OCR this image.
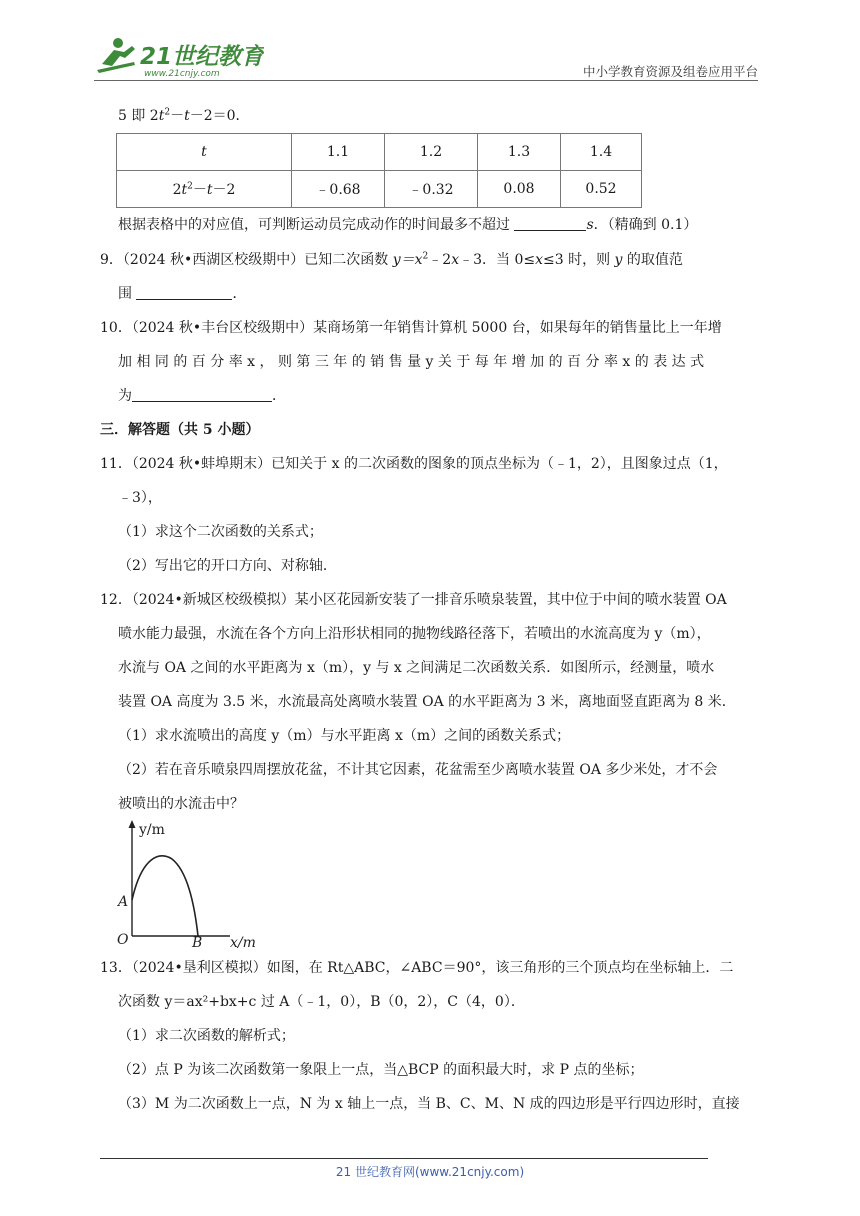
21世纪教育
www.21cnjy.com	中小学教育资源及组卷应用平台
5 即 $2t^2-t-2=0$．
t	1.1	1.2	1.3	1.4
$2t^2-t-2$	﹣0.68	﹣0.32	0.08	0.52
根据表格中的对应值，可判断运动员完成动作的时间最多不超过	s．（精确到 0.1）
9．（2024 秋•西湖区校级期中）已知二次函数 $y=x^2﹣2x﹣3$．当 0≤x≤3 时，则 y 的取值范
围	．
10．（2024 秋•丰台区校级期中）某商场第一年销售计算机 5000 台，如果每年的销售量比上一年增
加 相 同 的 百 分 率 x ， 则 第 三 年 的 销 售 量 y 关 于 每 年 增 加 的 百 分 率 x 的 表 达 式
为	．
三．解答题（共 5 小题）
11．（2024 秋•蚌埠期末）已知关于 x 的二次函数的图象的顶点坐标为（﹣1，2），且图象过点（1，
﹣3），
（1）求这个二次函数的关系式；
（2）写出它的开口方向、对称轴．
12．（2024•新城区校级模拟）某小区花园新安装了一排音乐喷泉装置，其中位于中间的喷水装置 OA
喷水能力最强，水流在各个方向上沿形状相同的抛物线路径落下，若喷出的水流高度为 y（m），
水流与 OA 之间的水平距离为 x（m），y 与 x 之间满足二次函数关系．如图所示，经测量，喷水
装置 OA 高度为 3.5 米，水流最高处离喷水装置 OA 的水平距离为 3 米，离地面竖直距离为 8 米．
（1）求水流喷出的高度 y（m）与水平距离 x（m）之间的函数关系式；
（2）若在音乐喷泉四周摆放花盆，不计其它因素，花盆需至少离喷水装置 OA 多少米处，才不会
被喷出的水流击中？
y/m
x/m
A
O	B
13．（2024•垦利区模拟）如图，在 Rt△ABC，∠ABC＝90°，该三角形的三个顶点均在坐标轴上．二
次函数 y＝ax²+bx+c 过 A（﹣1，0），B（0，2），C（4，0）．
（1）求二次函数的解析式；
（2）点 P 为该二次函数第一象限上一点，当△BCP 的面积最大时，求 P 点的坐标；
（3）M 为二次函数上一点，N 为 x 轴上一点，当 B、C、M、N 成的四边形是平行四边形时，直接
21 世纪教育网(www.21cnjy.com)
